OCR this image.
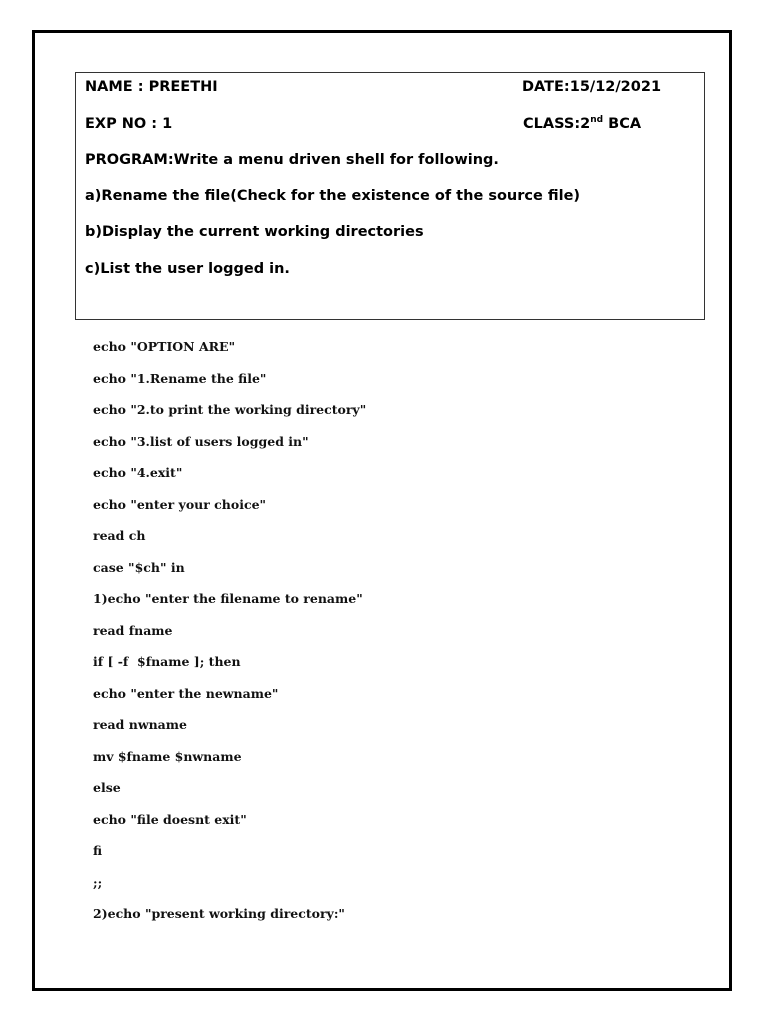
NAME : PREETHI	DATE:15/12/2021
EXP NO : 1	CLASS:2nd BCA
PROGRAM:Write a menu driven shell for following.
a)Rename the file(Check for the existence of the source file)
b)Display the current working directories
c)List the user logged in.
echo "OPTION ARE"
echo "1.Rename the file"
echo "2.to print the working directory"
echo "3.list of users logged in"
echo "4.exit"
echo "enter your choice"
read ch
case "$ch" in
1)echo "enter the filename to rename"
read fname
if [ -f  $fname ]; then
echo "enter the newname"
read nwname
mv $fname $nwname
else
echo "file doesnt exit"
fi
;;
2)echo "present working directory:"
